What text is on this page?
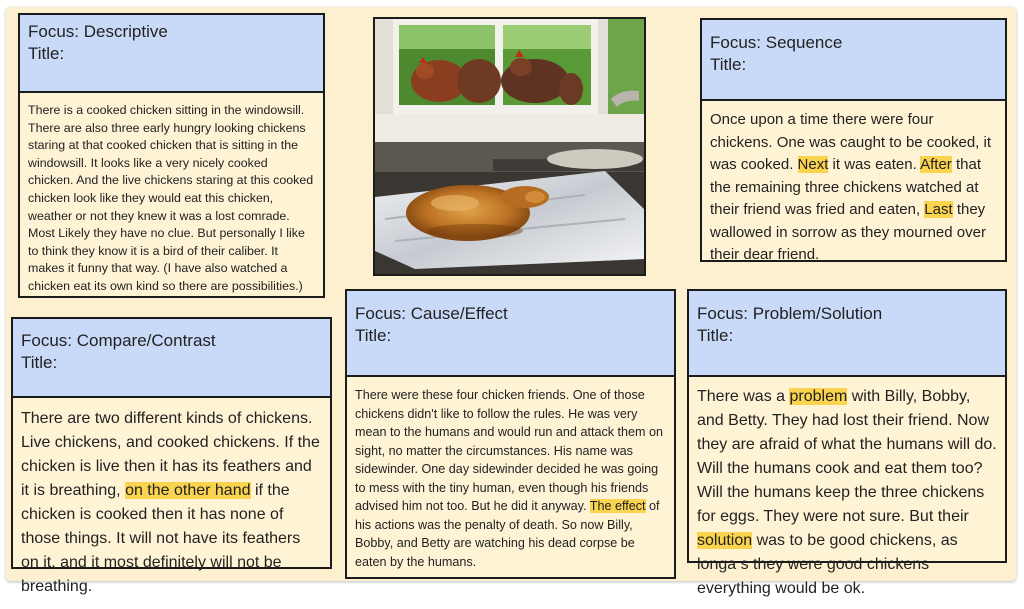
Focus: Descriptive
Title:
There is a cooked chicken sitting in the windowsill. There are also three early hungry looking chickens staring at that cooked chicken that is sitting in the windowsill. It looks like a very nicely cooked chicken. And the live chickens staring at this cooked chicken look like they would eat this chicken, weather or not they knew it was a lost comrade. Most Likely they have no clue. But personally I like to think they know it is a bird of their caliber. It makes it funny that way. (I have also watched a chicken eat its own kind so there are possibilities.)
Focus: Sequence
Title:
Once upon a time there were four chickens. One was caught to be cooked, it was cooked. Next it was eaten. After that the remaining three chickens watched at their friend was fried and eaten, Last they wallowed in sorrow as they mourned over their dear friend.
Focus: Compare/Contrast
Title:
There are two different kinds of chickens. Live chickens, and cooked chickens. If the chicken is live then it has its feathers and it is breathing, on the other hand if the chicken is cooked then it has none of those things. It will not have its feathers on it, and it most definitely will not be breathing.
Focus: Cause/Effect
Title:
There were these four chicken friends. One of those chickens didn't like to follow the rules. He was very mean to the humans and would run and attack them on sight, no matter the circumstances. His name was sidewinder. One day sidewinder decided he was going to mess with the tiny human, even though his friends advised him not too. But he did it anyway. The effect of his actions was the penalty of death. So now Billy, Bobby, and Betty are watching his dead corpse be eaten by the humans.
Focus: Problem/Solution
Title:
There was a problem with Billy, Bobby, and Betty. They had lost their friend. Now they are afraid of what the humans will do. Will the humans cook and eat them too? Will the humans keep the three chickens for eggs. They were not sure. But their solution was to be good chickens, as longa s they were good chickens everything would be ok.
